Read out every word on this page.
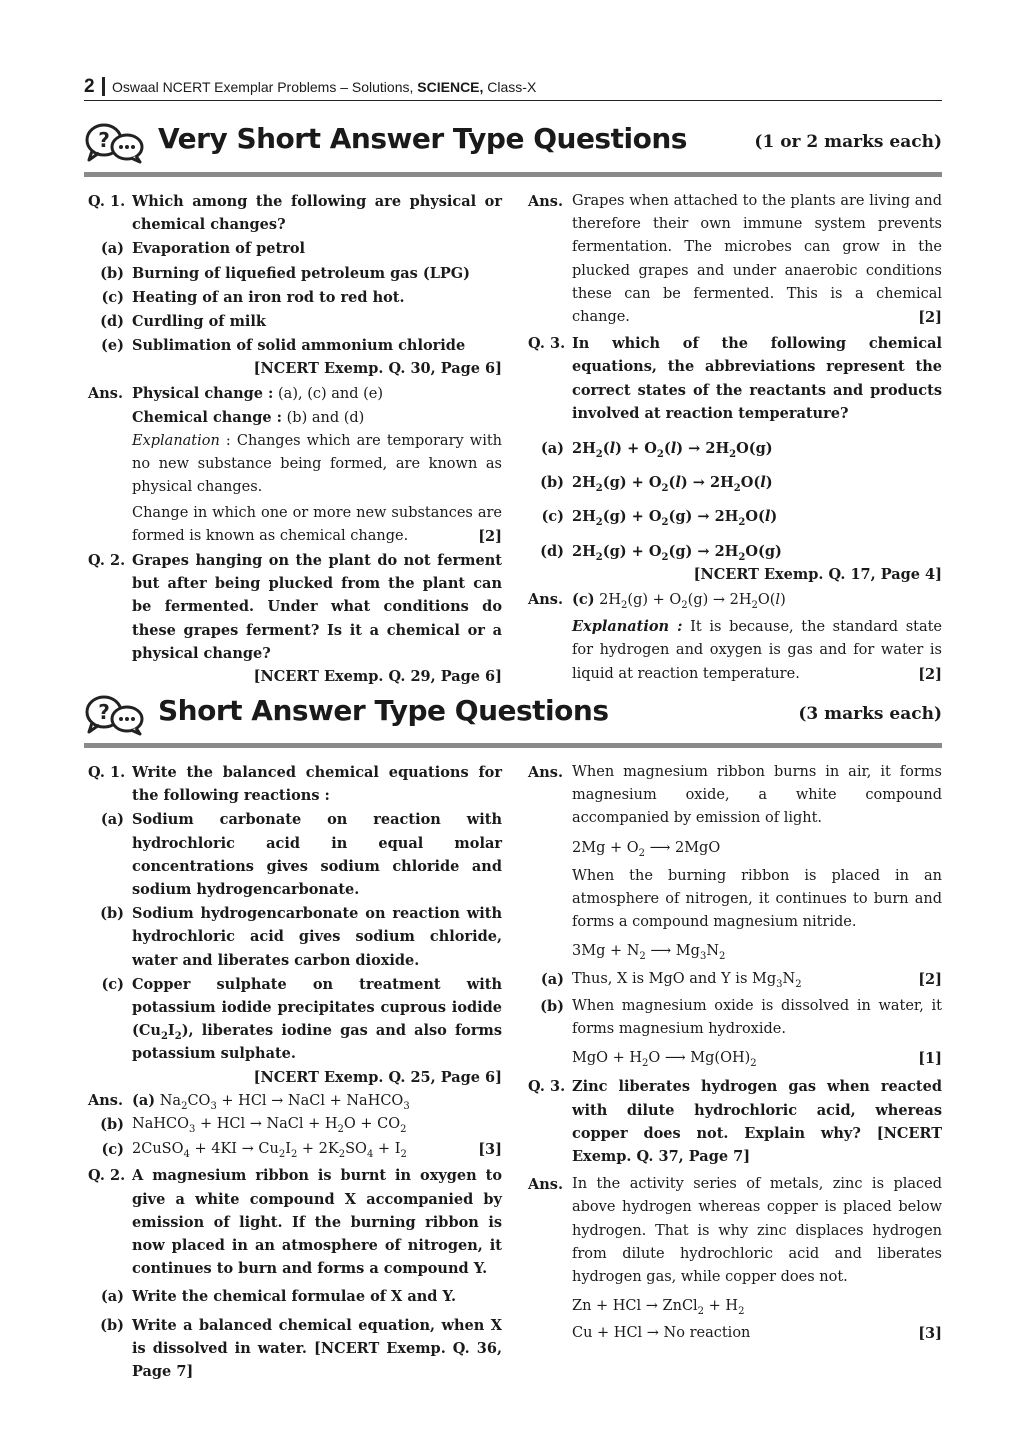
2 Oswaal NCERT Exemplar Problems – Solutions, SCIENCE, Class-X
? Very Short Answer Type Questions	(1 or 2 marks each)
Q. 1. Which among the following are physical or chemical changes?
(a) Evaporation of petrol
(b) Burning of liquefied petroleum gas (LPG)
(c) Heating of an iron rod to red hot.
(d) Curdling of milk
(e) Sublimation of solid ammonium chloride
[NCERT Exemp. Q. 30, Page 6]
Ans. Physical change : (a), (c) and (e)
Chemical change : (b) and (d)
Explanation : Changes which are temporary with no new substance being formed, are known as physical changes.
Change in which one or more new substances are formed is known as chemical change.	[2]
Q. 2. Grapes hanging on the plant do not ferment but after being plucked from the plant can be fermented. Under what conditions do these grapes ferment? Is it a chemical or a physical change?
[NCERT Exemp. Q. 29, Page 6]
Ans. Grapes when attached to the plants are living and therefore their own immune system prevents fermentation. The microbes can grow in the plucked grapes and under anaerobic conditions these can be fermented. This is a chemical change.	[2]
Q. 3. In which of the following chemical equations, the abbreviations represent the correct states of the reactants and products involved at reaction temperature?
(a) $2H_2(l) + O_2(l) \to 2H_2O(g)$
(b) $2H_2(g) + O_2(l) \to 2H_2O(l)$
(c) $2H_2(g) + O_2(g) \to 2H_2O(l)$
(d) $2H_2(g) + O_2(g) \to 2H_2O(g)$
[NCERT Exemp. Q. 17, Page 4]
Ans. (c) $2H_2(g) + O_2(g) \to 2H_2O(l)$
Explanation : It is because, the standard state for hydrogen and oxygen is gas and for water is liquid at reaction temperature.	[2]
? Short Answer Type Questions	(3 marks each)
Q. 1. Write the balanced chemical equations for the following reactions :
(a) Sodium carbonate on reaction with hydrochloric acid in equal molar concentrations gives sodium chloride and sodium hydrogencarbonate.
(b) Sodium hydrogencarbonate on reaction with hydrochloric acid gives sodium chloride, water and liberates carbon dioxide.
(c) Copper sulphate on treatment with potassium iodide precipitates cuprous iodide $(Cu_2I_2)$, liberates iodine gas and also forms potassium sulphate.
[NCERT Exemp. Q. 25, Page 6]
Ans. (a) $Na_2CO_3$ + HCl → NaCl + NaHCO$_3$
(b) NaHCO$_3$ + HCl → NaCl + $H_2O + CO_2$
(c) 2CuSO$_4$ + $4KI \to Cu_2I_2 + 2K_2SO_4 + I_2$	[3]
Q. 2. A magnesium ribbon is burnt in oxygen to give a white compound X accompanied by emission of light. If the burning ribbon is now placed in an atmosphere of nitrogen, it continues to burn and forms a compound Y.
(a) Write the chemical formulae of X and Y.
(b) Write a balanced chemical equation, when X is dissolved in water. [NCERT Exemp. Q. 36, Page 7]
Ans. When magnesium ribbon burns in air, it forms magnesium oxide, a white compound accompanied by emission of light.
$2Mg + O_2$ ⟶ 2MgO
When the burning ribbon is placed in an atmosphere of nitrogen, it continues to burn and forms a compound magnesium nitride.
$3Mg + N_2$ ⟶ $Mg_3N_2$
(a) Thus, X is MgO and Y is $Mg_3N_2$	[2]
(b) When magnesium oxide is dissolved in water, it forms magnesium hydroxide.
MgO + $H_2O$ ⟶ $Mg(OH)_2$	[1]
Q. 3. Zinc liberates hydrogen gas when reacted with dilute hydrochloric acid, whereas copper does not. Explain why? [NCERT Exemp. Q. 37, Page 7]
Ans. In the activity series of metals, zinc is placed above hydrogen whereas copper is placed below hydrogen. That is why zinc displaces hydrogen from dilute hydrochloric acid and liberates hydrogen gas, while copper does not.
Zn + HCl → ZnCl$_2$ + $H_2$
Cu + HCl → No reaction	[3]
